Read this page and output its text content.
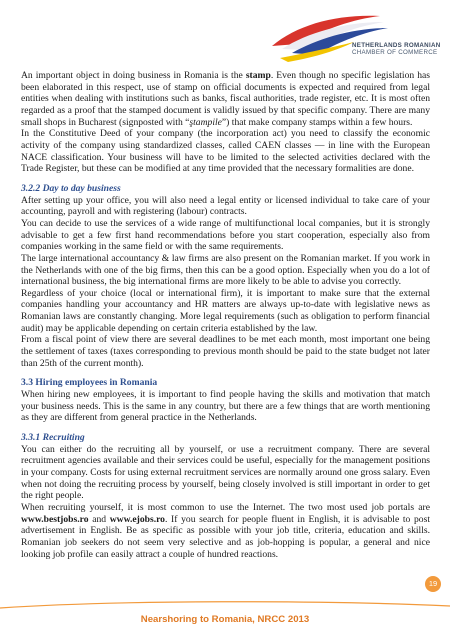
NETHERLANDS ROMANIAN
CHAMBER OF COMMERCE

An important object in doing business in Romania is the stamp. Even though no specific legislation has been elaborated in this respect, use of stamp on official documents is expected and required from legal entities when dealing with institutions such as banks, fiscal authorities, trade register, etc. It is most often regarded as a proof that the stamped document is validly issued by that specific company. There are many small shops in Bucharest (signposted with “ştampile”) that make company stamps within a few hours.

In the Constitutive Deed of your company (the incorporation act) you need to classify the economic activity of the company using standardized classes, called CAEN classes — in line with the European NACE classification. Your business will have to be limited to the selected activities declared with the Trade Register, but these can be modified at any time provided that the necessary formalities are done.

3.2.2 Day to day business

After setting up your office, you will also need a legal entity or licensed individual to take care of your accounting, payroll and with registering (labour) contracts.

You can decide to use the services of a wide range of multifunctional local companies, but it is strongly advisable to get a few first hand recommendations before you start cooperation, especially also from companies working in the same field or with the same requirements.

The large international accountancy & law firms are also present on the Romanian market. If you work in the Netherlands with one of the big firms, then this can be a good option. Especially when you do a lot of international business, the big international firms are more likely to be able to advise you correctly.

Regardless of your choice (local or international firm), it is important to make sure that the external companies handling your accountancy and HR matters are always up-to-date with legislative news as Romanian laws are constantly changing. More legal requirements (such as obligation to perform financial audit) may be applicable depending on certain criteria established by the law.

From a fiscal point of view there are several deadlines to be met each month, most important one being the settlement of taxes (taxes corresponding to previous month should be paid to the state budget not later than 25th of the current month).

3.3 Hiring employees in Romania

When hiring new employees, it is important to find people having the skills and motivation that match your business needs. This is the same in any country, but there are a few things that are worth mentioning as they are different from general practice in the Netherlands.

3.3.1 Recruiting

You can either do the recruiting all by yourself, or use a recruitment company. There are several recruitment agencies available and their services could be useful, especially for the management positions in your company. Costs for using external recruitment services are normally around one gross salary. Even when not doing the recruiting process by yourself, being closely involved is still important in order to get the right people.

When recruiting yourself, it is most common to use the Internet. The two most used job portals are www.bestjobs.ro and www.ejobs.ro. If you search for people fluent in English, it is advisable to post advertisement in English. Be as specific as possible with your job title, criteria, education and skills. Romanian job seekers do not seem very selective and as job-hopping is popular, a general and nice looking job profile can easily attract a couple of hundred reactions.

19
Nearshoring to Romania, NRCC 2013
